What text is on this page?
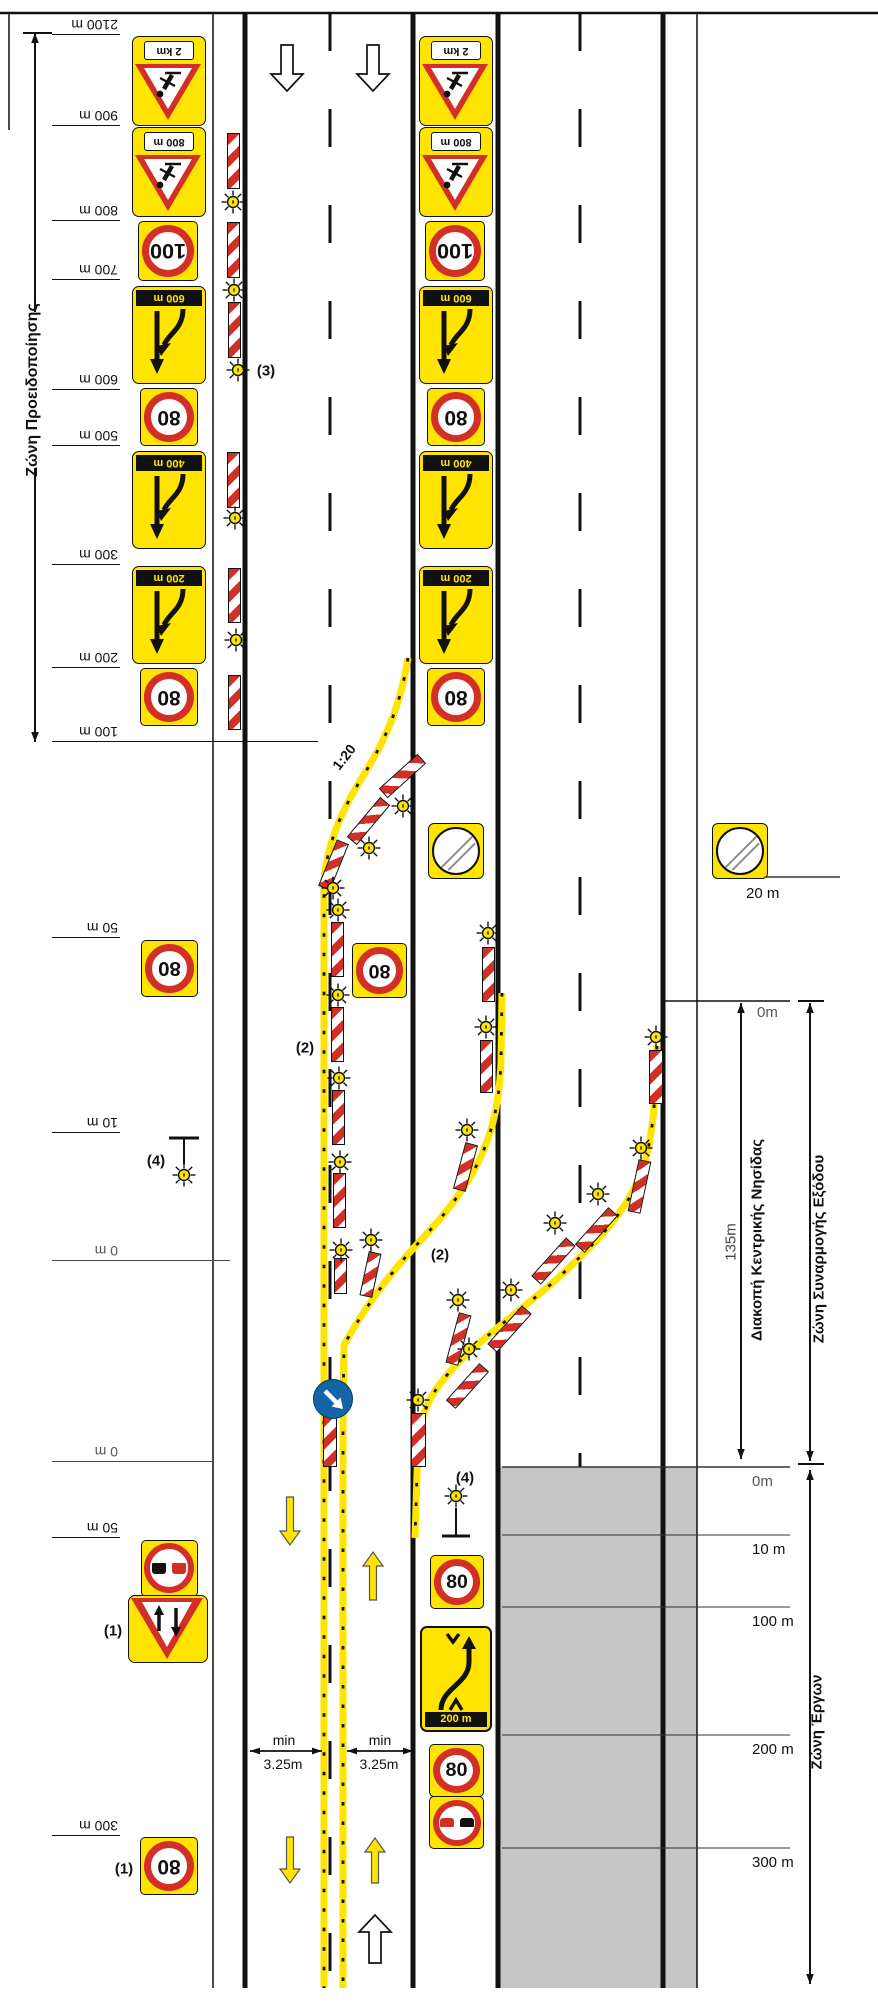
Ζώνη Προειδοποίησης
1:20
135m Διακοπή Κεντρικής Νησίδας	Ζώνη Συναρμογής Εξόδου
Ζώνη Έργων
0m
20 m
min
3.25m
min
3.25m
2 km
800 m
100
600 m
80
400 m
200 m
80
80
80
2 km
800 m
100
600 m
80
400 m
200 m
80
80
80
200 m
80
2100 m
900 m
800 m
700 m
600 m
500 m
300 m
200 m
100 m
50 m
10 m
0 m
0 m
50 m
300 m
0m
10 m
100 m
200 m
300 m
(3)
(2)
(2)
(4)
(4)
(1)
(1)
